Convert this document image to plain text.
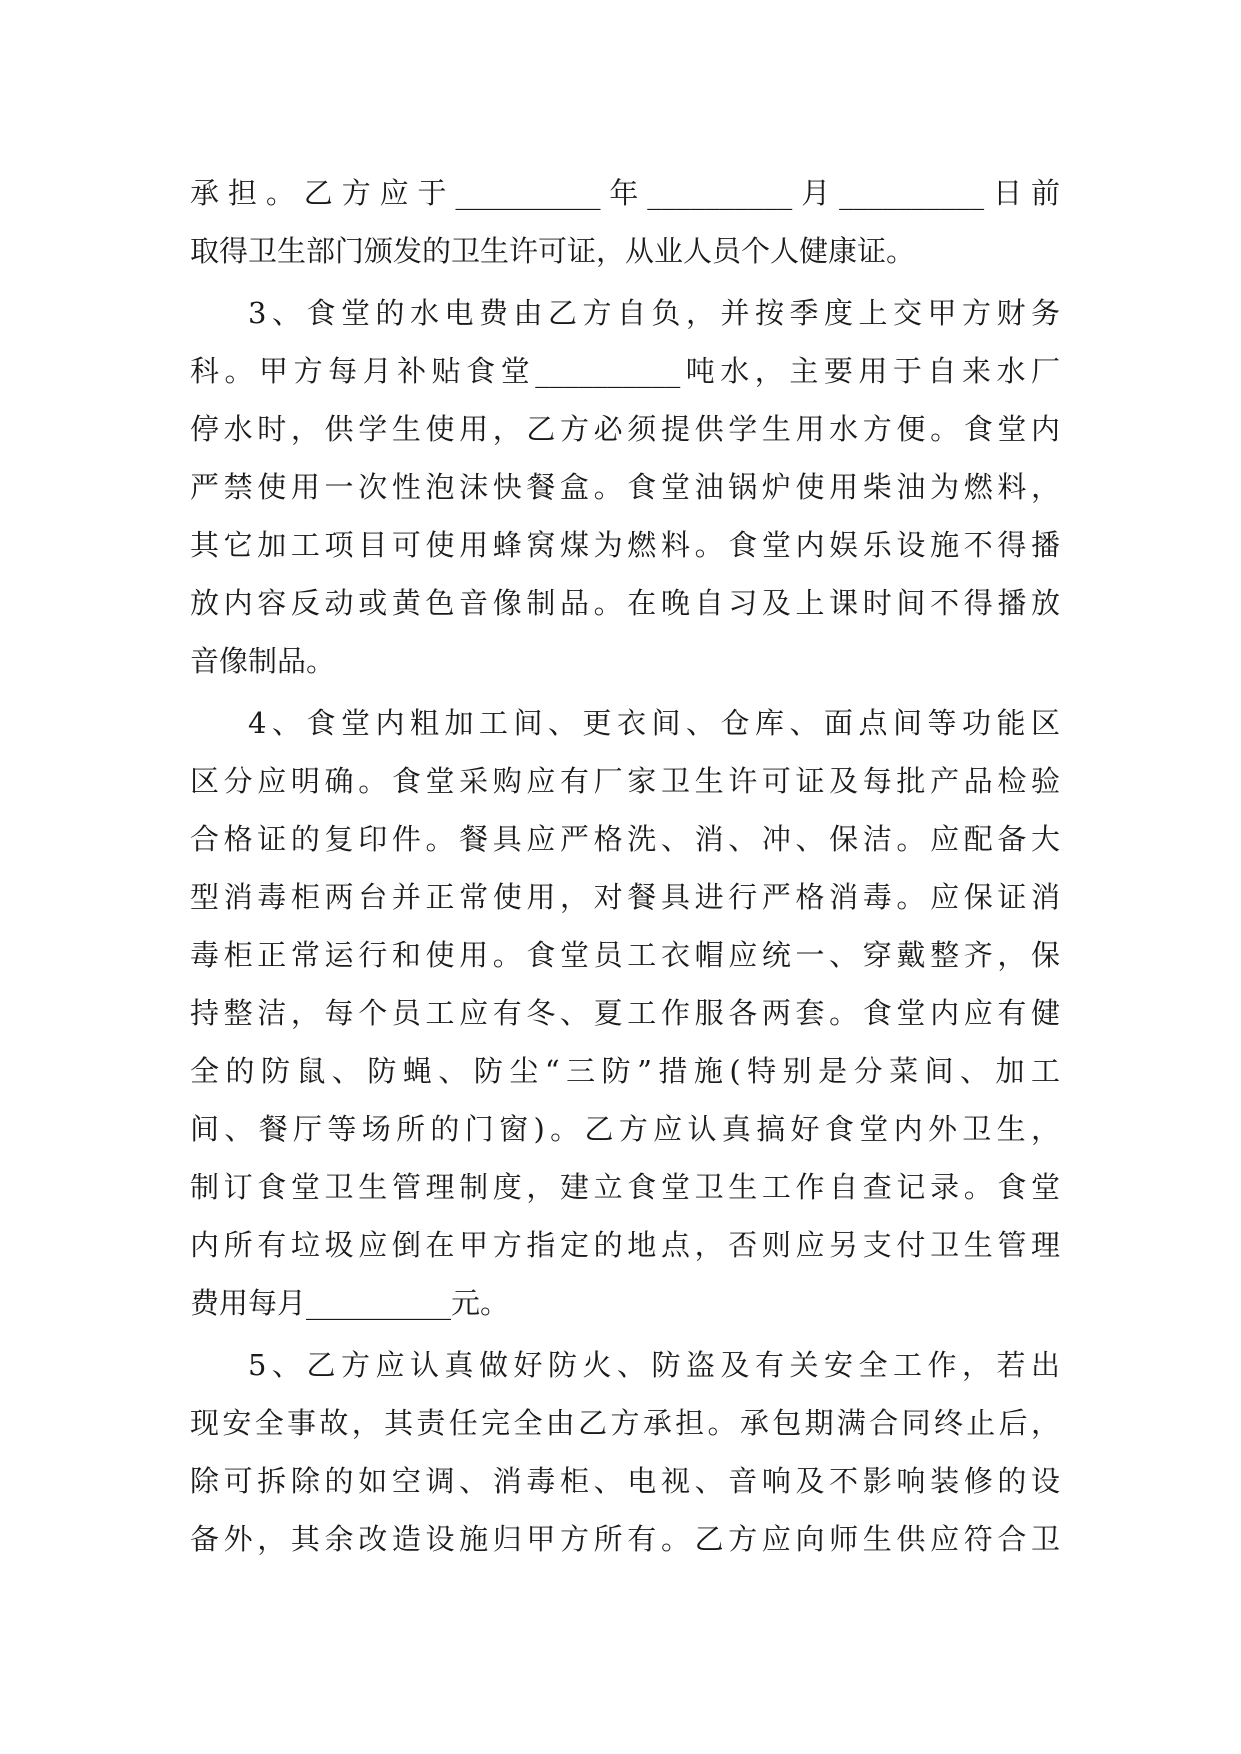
承担。乙方应于__________年__________月__________日前
取得卫生部门颁发的卫生许可证，从业人员个人健康证。
3、食堂的水电费由乙方自负，并按季度上交甲方财务
科。甲方每月补贴食堂__________吨水，主要用于自来水厂
停水时，供学生使用，乙方必须提供学生用水方便。食堂内
严禁使用一次性泡沫快餐盒。食堂油锅炉使用柴油为燃料，
其它加工项目可使用蜂窝煤为燃料。食堂内娱乐设施不得播
放内容反动或黄色音像制品。在晚自习及上课时间不得播放
音像制品。
4、食堂内粗加工间、更衣间、仓库、面点间等功能区
区分应明确。食堂采购应有厂家卫生许可证及每批产品检验
合格证的复印件。餐具应严格洗、消、冲、保洁。应配备大
型消毒柜两台并正常使用，对餐具进行严格消毒。应保证消
毒柜正常运行和使用。食堂员工衣帽应统一、穿戴整齐，保
持整洁，每个员工应有冬、夏工作服各两套。食堂内应有健
全的防鼠、防蝇、防尘“三防”措施(特别是分菜间、加工
间、餐厅等场所的门窗)。乙方应认真搞好食堂内外卫生，
制订食堂卫生管理制度，建立食堂卫生工作自查记录。食堂
内所有垃圾应倒在甲方指定的地点，否则应另支付卫生管理
费用每月__________元。
5、乙方应认真做好防火、防盗及有关安全工作，若出
现安全事故，其责任完全由乙方承担。承包期满合同终止后，
除可拆除的如空调、消毒柜、电视、音响及不影响装修的设
备外，其余改造设施归甲方所有。乙方应向师生供应符合卫
